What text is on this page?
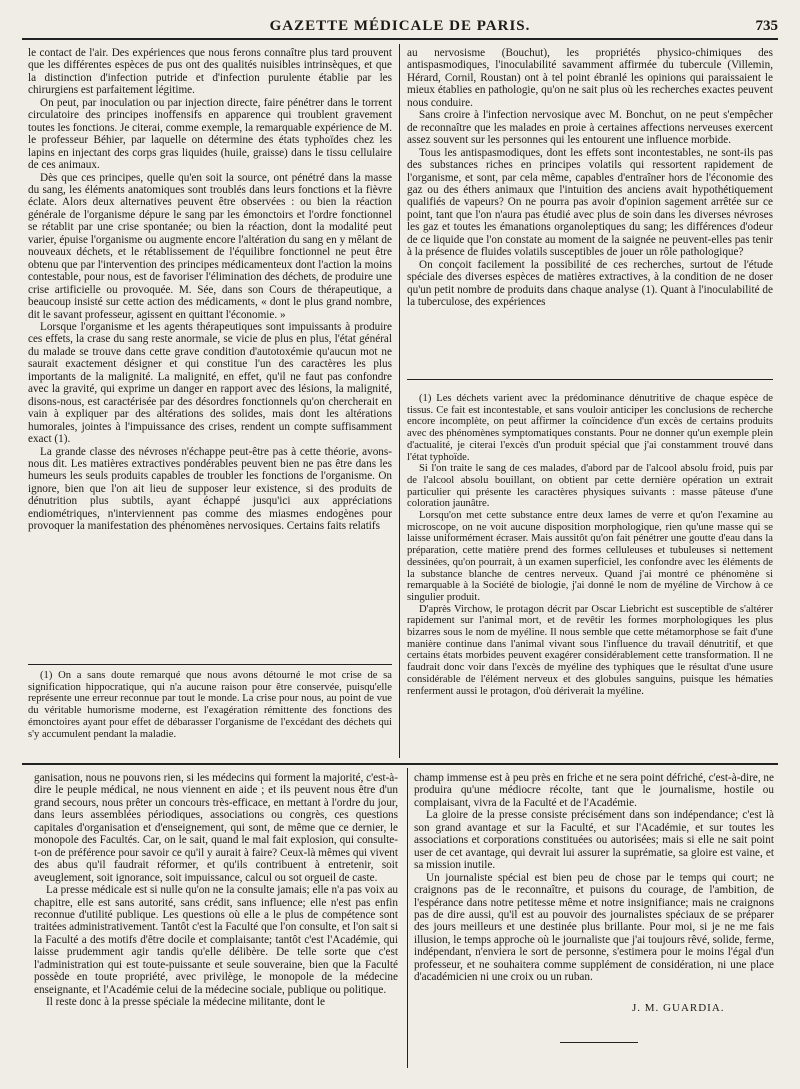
GAZETTE MÉDICALE DE PARIS.	735

le contact de l'air. Des expériences que nous ferons connaître plus tard prouvent que les différentes espèces de pus ont des qualités nuisibles intrinsèques, et que la distinction d'infection putride et d'infection purulente établie par les chirurgiens est parfaitement légitime.

On peut, par inoculation ou par injection directe, faire pénétrer dans le torrent circulatoire des principes inoffensifs en apparence qui troublent gravement toutes les fonctions. Je citerai, comme exemple, la remarquable expérience de M. le professeur Béhier, par laquelle on détermine des états typhoïdes chez les lapins en injectant des corps gras liquides (huile, graisse) dans le tissu cellulaire de ces animaux.

Dès que ces principes, quelle qu'en soit la source, ont pénétré dans la masse du sang, les éléments anatomiques sont troublés dans leurs fonctions et la fièvre éclate. Alors deux alternatives peuvent être observées : ou bien la réaction générale de l'organisme dépure le sang par les émonctoirs et l'ordre fonctionnel se rétablit par une crise spontanée; ou bien la réaction, dont la modalité peut varier, épuise l'organisme ou augmente encore l'altération du sang en y mêlant de nouveaux déchets, et le rétablissement de l'équilibre fonctionnel ne peut être obtenu que par l'intervention des principes médicamenteux dont l'action la moins contestable, pour nous, est de favoriser l'élimination des déchets, de produire une crise artificielle ou provoquée. M. Sée, dans son Cours de thérapeutique, a beaucoup insisté sur cette action des médicaments, « dont le plus grand nombre, dit le savant professeur, agissent en quittant l'économie. »

Lorsque l'organisme et les agents thérapeutiques sont impuissants à produire ces effets, la crase du sang reste anormale, se vicie de plus en plus, l'état général du malade se trouve dans cette grave condition d'autotoxémie qu'aucun mot ne saurait exactement désigner et qui constitue l'un des caractères les plus importants de la malignité. La malignité, en effet, qu'il ne faut pas confondre avec la gravité, qui exprime un danger en rapport avec des lésions, la malignité, disons-nous, est caractérisée par des désordres fonctionnels qu'on chercherait en vain à expliquer par des altérations des solides, mais dont les altérations humorales, jointes à l'impuissance des crises, rendent un compte suffisamment exact (1).

La grande classe des névroses n'échappe peut-être pas à cette théorie, avons-nous dit. Les matières extractives pondérables peuvent bien ne pas être dans les humeurs les seuls produits capables de troubler les fonctions de l'organisme. On ignore, bien que l'on ait lieu de supposer leur existence, si des produits de dénutrition plus subtils, ayant échappé jusqu'ici aux appréciations endiométriques, n'interviennent pas comme des miasmes endogènes pour provoquer la manifestation des phénomènes nervosiques. Certains faits relatifs

(1) On a sans doute remarqué que nous avons détourné le mot crise de sa signification hippocratique, qui n'a aucune raison pour être conservée, puisqu'elle représente une erreur reconnue par tout le monde. La crise pour nous, au point de vue du véritable humorisme moderne, est l'exagération rémittente des fonctions des émonctoires ayant pour effet de débarasser l'organisme de l'excédant des déchets qui s'y accumulent pendant la maladie.

au nervosisme (Bouchut), les propriétés physico-chimiques des antispasmodiques, l'inoculabilité savamment affirmée du tubercule (Villemin, Hérard, Cornil, Roustan) ont à tel point ébranlé les opinions qui paraissaient le mieux établies en pathologie, qu'on ne sait plus où les recherches exactes peuvent nous conduire.

Sans croire à l'infection nervosique avec M. Bonchut, on ne peut s'empêcher de reconnaître que les malades en proie à certaines affections nerveuses exercent assez souvent sur les personnes qui les entourent une influence morbide.

Tous les antispasmodiques, dont les effets sont incontestables, ne sont-ils pas des substances riches en principes volatils qui ressortent rapidement de l'organisme, et sont, par cela même, capables d'entraîner hors de l'économie des gaz ou des éthers animaux que l'intuition des anciens avait hypothétiquement qualifiés de vapeurs? On ne pourra pas avoir d'opinion sagement arrêtée sur ce point, tant que l'on n'aura pas étudié avec plus de soin dans les diverses névroses les gaz et toutes les émanations organoleptiques du sang; les différences d'odeur de ce liquide que l'on constate au moment de la saignée ne peuvent-elles pas tenir à la présence de fluides volatils susceptibles de jouer un rôle pathologique?

On conçoit facilement la possibilité de ces recherches, surtout de l'étude spéciale des diverses espèces de matières extractives, à la condition de ne doser qu'un petit nombre de produits dans chaque analyse (1). Quant à l'inoculabilité de la tuberculose, des expériences

(1) Les déchets varient avec la prédominance dénutritive de chaque espèce de tissus. Ce fait est incontestable, et sans vouloir anticiper les conclusions de recherche encore incomplète, on peut affirmer la coïncidence d'un excès de certains produits avec des phénomènes symptomatiques constants. Pour ne donner qu'un exemple plein d'actualité, je citerai l'excès d'un produit spécial que j'ai constamment trouvé dans l'état typhoïde.

Si l'on traite le sang de ces malades, d'abord par de l'alcool absolu froid, puis par de l'alcool absolu bouillant, on obtient par cette dernière opération un extrait particulier qui présente les caractères physiques suivants : masse pâteuse d'une coloration jaunâtre.

Lorsqu'on met cette substance entre deux lames de verre et qu'on l'examine au microscope, on ne voit aucune disposition morphologique, rien qu'une masse qui se laisse uniformément écraser. Mais aussitôt qu'on fait pénétrer une goutte d'eau dans la préparation, cette matière prend des formes celluleuses et tubuleuses si nettement dessinées, qu'on pourrait, à un examen superficiel, les confondre avec les éléments de la substance blanche de centres nerveux. Quand j'ai montré ce phénomène si remarquable à la Société de biologie, j'ai donné le nom de myéline de Virchow à ce singulier produit.

D'après Virchow, le protagon décrit par Oscar Liebricht est susceptible de s'altérer rapidement sur l'animal mort, et de revêtir les formes morphologiques les plus bizarres sous le nom de myéline. Il nous semble que cette métamorphose se fait d'une manière continue dans l'animal vivant sous l'influence du travail dénutritif, et que certains états morbides peuvent exagérer considérablement cette transformation. Il ne faudrait donc voir dans l'excès de myéline des typhiques que le résultat d'une usure considérable de l'élément nerveux et des globules sanguins, puisque les hématies renferment aussi le protagon, d'où dériverait la myéline.

ganisation, nous ne pouvons rien, si les médecins qui forment la majorité, c'est-à-dire le peuple médical, ne nous viennent en aide ; et ils peuvent nous être d'un grand secours, nous prêter un concours très-efficace, en mettant à l'ordre du jour, dans leurs assemblées périodiques, associations ou congrès, ces questions capitales d'organisation et d'enseignement, qui sont, de même que ce dernier, le monopole des Facultés. Car, on le sait, quand le mal fait explosion, qui consulte-t-on de préférence pour savoir ce qu'il y aurait à faire? Ceux-là mêmes qui vivent des abus qu'il faudrait réformer, et qu'ils contribuent à entretenir, soit aveuglement, soit ignorance, soit impuissance, calcul ou sot orgueil de caste.

La presse médicale est si nulle qu'on ne la consulte jamais; elle n'a pas voix au chapitre, elle est sans autorité, sans crédit, sans influence; elle n'est pas enfin reconnue d'utilité publique. Les questions où elle a le plus de compétence sont traitées administrativement. Tantôt c'est la Faculté que l'on consulte, et l'on sait si la Faculté a des motifs d'être docile et complaisante; tantôt c'est l'Académie, qui laisse prudemment agir tandis qu'elle délibère. De telle sorte que c'est l'administration qui est toute-puissante et seule souveraine, bien que la Faculté possède en toute propriété, avec privilège, le monopole de la médecine enseignante, et l'Académie celui de la médecine sociale, publique ou politique.

Il reste donc à la presse spéciale la médecine militante, dont le

champ immense est à peu près en friche et ne sera point défriché, c'est-à-dire, ne produira qu'une médiocre récolte, tant que le journalisme, hostile ou complaisant, vivra de la Faculté et de l'Académie.

La gloire de la presse consiste précisément dans son indépendance; c'est là son grand avantage et sur la Faculté, et sur l'Académie, et sur toutes les associations et corporations constituées ou autorisées; mais si elle ne sait point user de cet avantage, qui devrait lui assurer la suprématie, sa gloire est vaine, et sa mission inutile.

Un journaliste spécial est bien peu de chose par le temps qui court; ne craignons pas de le reconnaître, et puisons du courage, de l'ambition, de l'espérance dans notre petitesse même et notre insignifiance; mais ne craignons pas de dire aussi, qu'il est au pouvoir des journalistes spéciaux de se préparer des jours meilleurs et une destinée plus brillante. Pour moi, si je ne me fais illusion, le temps approche où le journaliste que j'ai toujours rêvé, solide, ferme, indépendant, n'enviera le sort de personne, s'estimera pour le moins l'égal d'un professeur, et ne souhaitera comme supplément de considération, ni une place d'académicien ni une croix ou un ruban.

J. M. GUARDIA.
